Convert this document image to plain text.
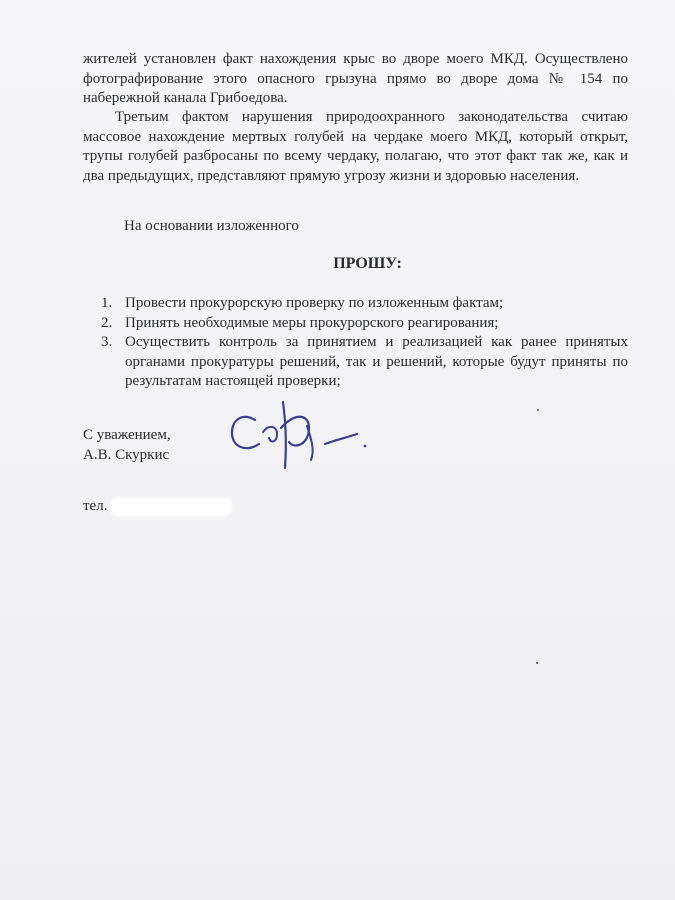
жителей установлен факт нахождения крыс во дворе моего МКД. Осуществлено фотографирование этого опасного грызуна прямо во дворе дома № 154 по набережной канала Грибоедова.

Третьим фактом нарушения природоохранного законодательства считаю массовое нахождение мертвых голубей на чердаке моего МКД, который открыт, трупы голубей разбросаны по всему чердаку, полагаю, что этот факт так же, как и два предыдущих, представляют прямую угрозу жизни и здоровью населения.

На основании изложенного

ПРОШУ:

1. Провести прокурорскую проверку по изложенным фактам;
2. Принять необходимые меры прокурорского реагирования;
3. Осуществить контроль за принятием и реализацией как ранее принятых органами прокуратуры решений, так и решений, которые будут приняты по результатам настоящей проверки;
С уважением,
А.В. Скуркис

тел.
